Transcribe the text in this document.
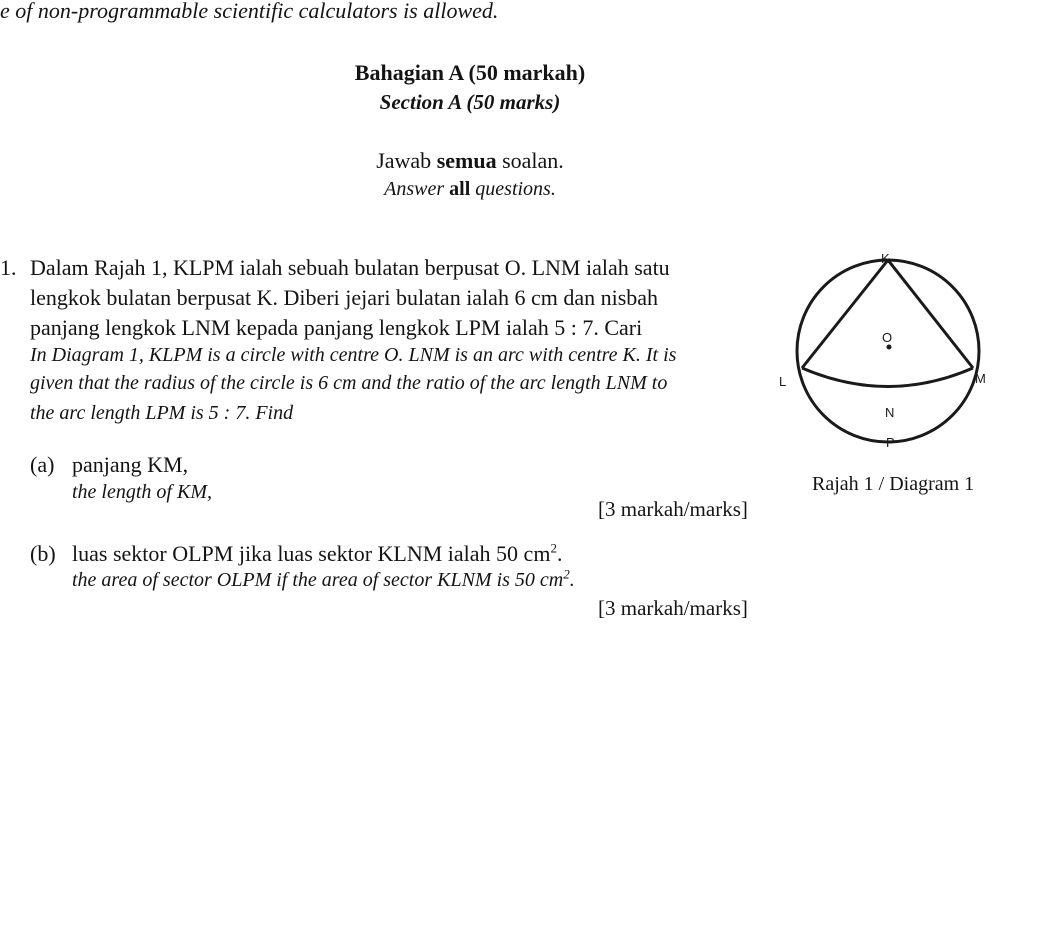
e of non-programmable scientific calculators is allowed.
Bahagian A (50 markah)
Section A (50 marks)
Jawab semua soalan.
Answer all questions.
1. Dalam Rajah 1, KLPM ialah sebuah bulatan berpusat O. LNM ialah satu
lengkok bulatan berpusat K. Diberi jejari bulatan ialah 6 cm dan nisbah
panjang lengkok LNM kepada panjang lengkok LPM ialah 5 : 7. Cari
In Diagram 1, KLPM is a circle with centre O. LNM is an arc with centre K. It is
given that the radius of the circle is 6 cm and the ratio of the arc length LNM to
the arc length LPM is 5 : 7. Find
(a) panjang KM,
the length of KM,
[3 markah/marks]
(b) luas sektor OLPM jika luas sektor KLNM ialah 50 $cm^2$.
the area of sector OLPM if the area of sector KLNM is 50 $cm^2$.
[3 markah/marks]
K
O
L	M
N
P
Rajah 1 / Diagram 1
